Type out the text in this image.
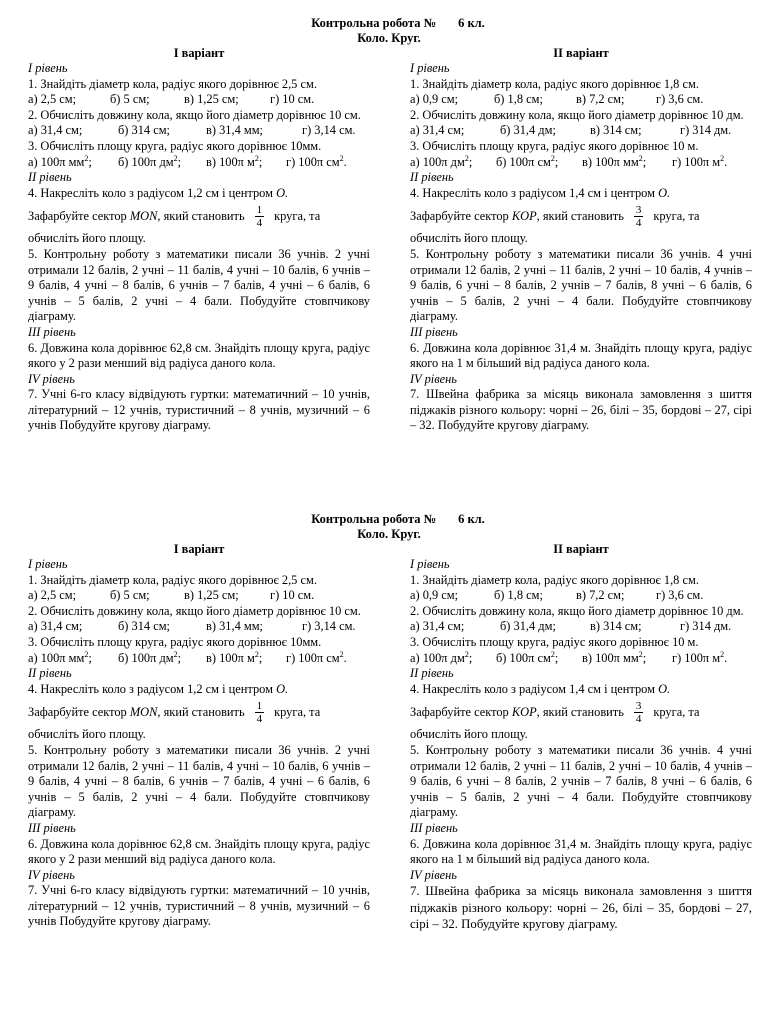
Контрольна робота №       6 кл.
Коло. Круг.
I варіант
I рівень
1. Знайдіть діаметр кола, радіус якого дорівнює 2,5 см.
а) 2,5 см;	б) 5 см;	в) 1,25 см;	г) 10 см.
2. Обчисліть довжину кола, якщо його діаметр дорівнює 10 см.
а) 31,4 см;	б) 314 см;	в) 31,4 мм;	г) 3,14 см.
3. Обчисліть площу круга, радіус якого дорівнює 10мм.
а) 100π $мм^2$;	б) 100π $дм^2$;	в) 100π $м^2$;	г) 100π $см^2$.
II рівень
4. Накресліть коло з радіусом 1,2 см і центром O.
Зафарбуйте сектор
MON , який становить $\frac{1}{4}$ круга, та
обчисліть його площу.
5. Контрольну роботу з математики писали 36 учнів. 2 учні отримали 12 балів, 2 учні – 11 балів, 4 учні – 10 балів, 6 учнів – 9 балів, 4 учні – 8 балів, 6 учнів – 7 балів, 4 учні – 6 балів, 6 учнів – 5 балів, 2 учні – 4 бали. Побудуйте стовпчикову діаграму.
III рівень
6. Довжина кола дорівнює 62,8 см. Знайдіть площу круга, радіус якого у 2 рази менший від радіуса даного кола.
IV рівень
7. Учні 6-го класу відвідують гуртки: математичний – 10 учнів, літературний – 12 учнів, туристичний – 8 учнів, музичний – 6 учнів Побудуйте кругову діаграму.
II варіант
I рівень
1. Знайдіть діаметр кола, радіус якого дорівнює 1,8 см.
а) 0,9 см;	б) 1,8 см;	в) 7,2 см;	г) 3,6 см.
2. Обчисліть довжину кола, якщо його діаметр дорівнює 10 дм.
а) 31,4 см;	б) 31,4 дм;	в) 314 см;	г) 314 дм.
3. Обчисліть площу круга, радіус якого дорівнює 10 м.
а) 100π $дм^2$;	б) 100π $см^2$;	в) 100π $мм^2$;	г) 100π $м^2$.
II рівень
4. Накресліть коло з радіусом 1,4 см і центром O.
Зафарбуйте сектор
KOP , який становить $\frac{3}{4}$ круга, та
обчисліть його площу.
5. Контрольну роботу з математики писали 36 учнів. 4 учні отримали 12 балів, 2 учні – 11 балів, 2 учні – 10 балів, 4 учнів – 9 балів, 6 учні – 8 балів, 2 учнів – 7 балів, 8 учні – 6 балів, 6 учнів – 5 балів, 2 учні – 4 бали. Побудуйте стовпчикову діаграму.
III рівень
6. Довжина кола дорівнює 31,4 м. Знайдіть площу круга, радіус якого на 1 м більший від радіуса даного кола.
IV рівень
7. Швейна фабрика за місяць виконала замовлення з шиття піджаків різного кольору: чорні – 26, білі – 35, бордові – 27, сірі – 32. Побудуйте кругову діаграму.
Контрольна робота №       6 кл.
Коло. Круг.
I варіант
I рівень
1. Знайдіть діаметр кола, радіус якого дорівнює 2,5 см.
а) 2,5 см;	б) 5 см;	в) 1,25 см;	г) 10 см.
2. Обчисліть довжину кола, якщо його діаметр дорівнює 10 см.
а) 31,4 см;	б) 314 см;	в) 31,4 мм;	г) 3,14 см.
3. Обчисліть площу круга, радіус якого дорівнює 10мм.
а) 100π $мм^2$;	б) 100π $дм^2$;	в) 100π $м^2$;	г) 100π $см^2$.
II рівень
4. Накресліть коло з радіусом 1,2 см і центром O.
Зафарбуйте сектор
MON , який становить $\frac{1}{4}$ круга, та
обчисліть його площу.
5. Контрольну роботу з математики писали 36 учнів. 2 учні отримали 12 балів, 2 учні – 11 балів, 4 учні – 10 балів, 6 учнів – 9 балів, 4 учні – 8 балів, 6 учнів – 7 балів, 4 учні – 6 балів, 6 учнів – 5 балів, 2 учні – 4 бали. Побудуйте стовпчикову діаграму.
III рівень
6. Довжина кола дорівнює 62,8 см. Знайдіть площу круга, радіус якого у 2 рази менший від радіуса даного кола.
IV рівень
7. Учні 6-го класу відвідують гуртки: математичний – 10 учнів, літературний – 12 учнів, туристичний – 8 учнів, музичний – 6 учнів Побудуйте кругову діаграму.
II варіант
I рівень
1. Знайдіть діаметр кола, радіус якого дорівнює 1,8 см.
а) 0,9 см;	б) 1,8 см;	в) 7,2 см;	г) 3,6 см.
2. Обчисліть довжину кола, якщо його діаметр дорівнює 10 дм.
а) 31,4 см;	б) 31,4 дм;	в) 314 см;	г) 314 дм.
3. Обчисліть площу круга, радіус якого дорівнює 10 м.
а) 100π $дм^2$;	б) 100π $см^2$;	в) 100π $мм^2$;	г) 100π $м^2$.
II рівень
4. Накресліть коло з радіусом 1,4 см і центром O.
Зафарбуйте сектор
KOP , який становить $\frac{3}{4}$ круга, та
обчисліть його площу.
5. Контрольну роботу з математики писали 36 учнів. 4 учні отримали 12 балів, 2 учні – 11 балів, 2 учні – 10 балів, 4 учнів – 9 балів, 6 учні – 8 балів, 2 учнів – 7 балів, 8 учні – 6 балів, 6 учнів – 5 балів, 2 учні – 4 бали. Побудуйте стовпчикову діаграму.
III рівень
6. Довжина кола дорівнює 31,4 м. Знайдіть площу круга, радіус якого на 1 м більший від радіуса даного кола.
IV рівень
7. Швейна фабрика за місяць виконала замовлення з шиття піджаків різного кольору: чорні – 26, білі – 35, бордові – 27, сірі – 32. Побудуйте кругову діаграму.
